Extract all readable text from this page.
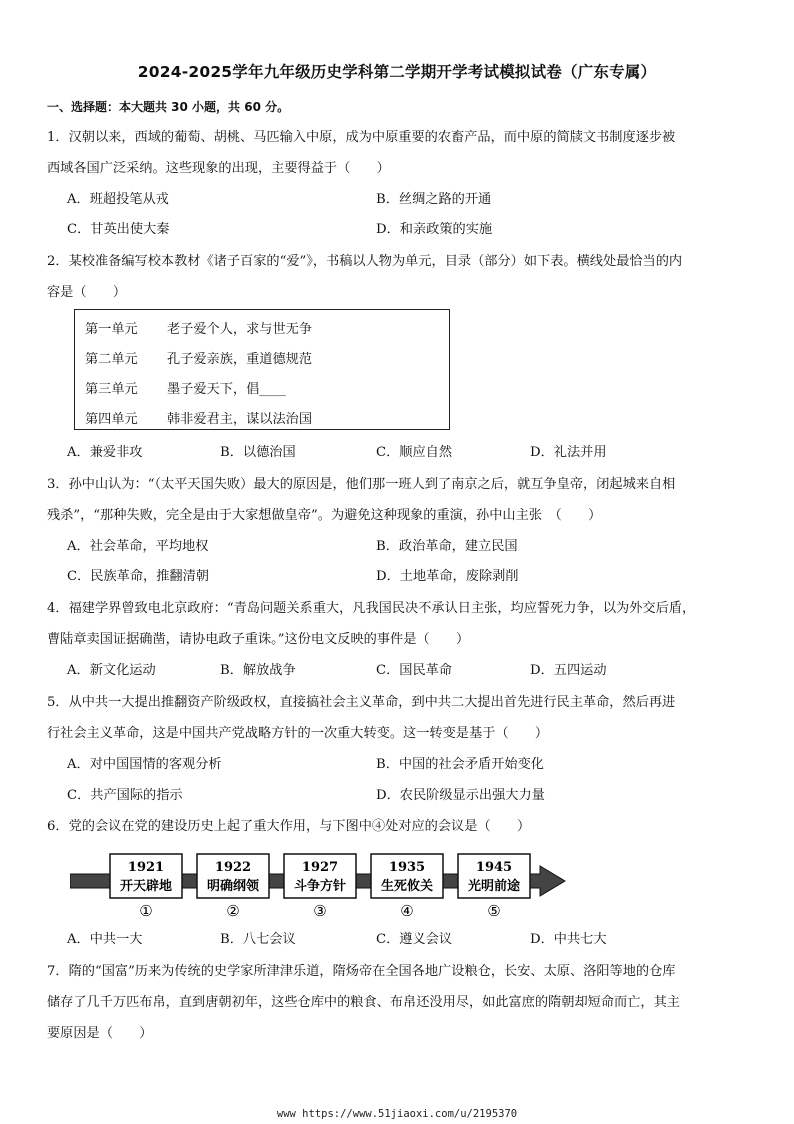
2024-2025学年九年级历史学科第二学期开学考试模拟试卷（广东专属）
一、选择题：本大题共 30 小题，共 60 分。
1．汉朝以来，西域的葡萄、胡桃、马匹输入中原，成为中原重要的农畜产品，而中原的简牍文书制度逐步被
西域各国广泛采纳。这些现象的出现，主要得益于（　　）
A．班超投笔从戎	B．丝绸之路的开通
C．甘英出使大秦	D．和亲政策的实施
2．某校准备编写校本教材《诸子百家的“爱”》，书稿以人物为单元，目录（部分）如下表。横线处最恰当的内
容是（　　）
第一单元 老子爱个人，求与世无争
第二单元 孔子爱亲族，重道德规范
第三单元 墨子爱天下，倡____
第四单元 韩非爱君主，谋以法治国
A．兼爱非攻	B．以德治国	C．顺应自然	D．礼法并用
3．孙中山认为：“（太平天国失败）最大的原因是，他们那一班人到了南京之后，就互争皇帝，闭起城来自相
残杀”，“那种失败，完全是由于大家想做皇帝”。为避免这种现象的重演，孙中山主张　（　　）
A．社会革命，平均地权	B．政治革命，建立民国
C．民族革命，推翻清朝	D．土地革命，废除剥削
4．福建学界曾致电北京政府：“青岛问题关系重大，凡我国民决不承认日主张，均应誓死力争，以为外交后盾，
曹陆章卖国证据确凿，请协电政子重诛。”这份电文反映的事件是（　　）
A．新文化运动	B．解放战争	C．国民革命	D．五四运动
5．从中共一大提出推翻资产阶级政权，直接搞社会主义革命，到中共二大提出首先进行民主革命，然后再进
行社会主义革命，这是中国共产党战略方针的一次重大转变。这一转变是基于（　　）
A．对中国国情的客观分析	B．中国的社会矛盾开始变化
C．共产国际的指示	D．农民阶级显示出强大力量
6．党的会议在党的建设历史上起了重大作用，与下图中④处对应的会议是（　　）
1921
开天辟地
①
1922
明确纲领
②
1927
斗争方针
③
1935
生死攸关
④
1945
光明前途
⑤
A．中共一大	B．八七会议	C．遵义会议	D．中共七大
7．隋的“国富”历来为传统的史学家所津津乐道，隋炀帝在全国各地广设粮仓，长安、太原、洛阳等地的仓库
储存了几千万匹布帛，直到唐朝初年，这些仓库中的粮食、布帛还没用尽，如此富庶的隋朝却短命而亡，其主
要原因是（　　）
www https://www.51jiaoxi.com/u/2195370
